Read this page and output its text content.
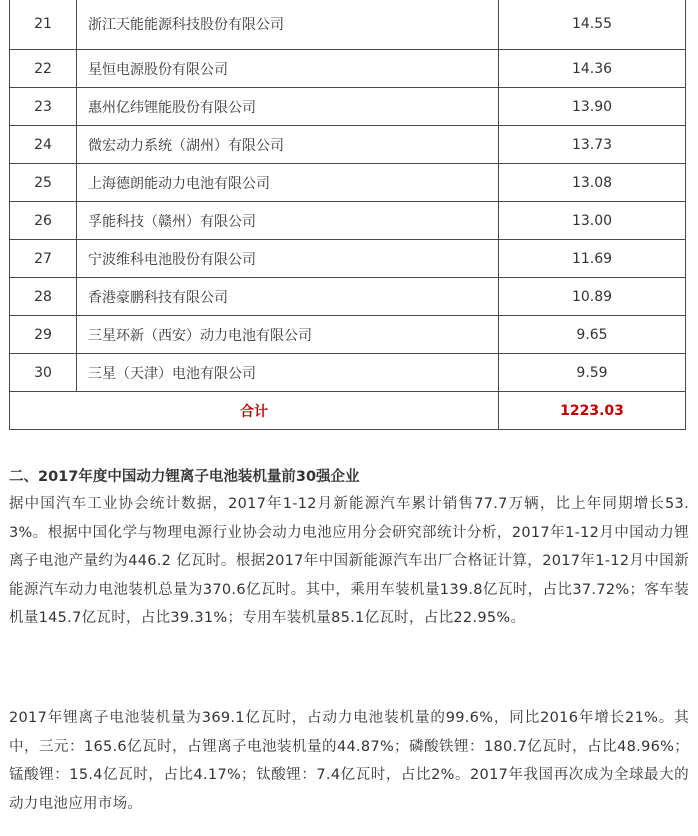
21	浙江天能能源科技股份有限公司	14.55
22	星恒电源股份有限公司	14.36
23	惠州亿纬锂能股份有限公司	13.90
24	微宏动力系统（湖州）有限公司	13.73
25	上海德朗能动力电池有限公司	13.08
26	孚能科技（赣州）有限公司	13.00
27	宁波维科电池股份有限公司	11.69
28	香港豪鹏科技有限公司	10.89
29	三星环新（西安）动力电池有限公司	9.65
30	三星（天津）电池有限公司	9.59
合计		1223.03
二、2017年度中国动力锂离子电池装机量前30强企业
据中国汽车工业协会统计数据，2017年1-12月新能源汽车累计销售77.7万辆，比上年同期增长53.3%。根据中国化学与物理电源行业协会动力电池应用分会研究部统计分析，2017年1-12月中国动力锂离子电池产量约为446.2 亿瓦时。根据2017年中国新能源汽车出厂合格证计算，2017年1-12月中国新能源汽车动力电池装机总量为370.6亿瓦时。其中，乘用车装机量139.8亿瓦时，占比37.72%；客车装机量145.7亿瓦时，占比39.31%；专用车装机量85.1亿瓦时，占比22.95%。
2017年锂离子电池装机量为369.1亿瓦时，占动力电池装机量的99.6%，同比2016年增长21%。其中，三元：165.6亿瓦时，占锂离子电池装机量的44.87%；磷酸铁锂：180.7亿瓦时，占比48.96%；锰酸锂：15.4亿瓦时，占比4.17%；钛酸锂：7.4亿瓦时，占比2%。2017年我国再次成为全球最大的动力电池应用市场。
